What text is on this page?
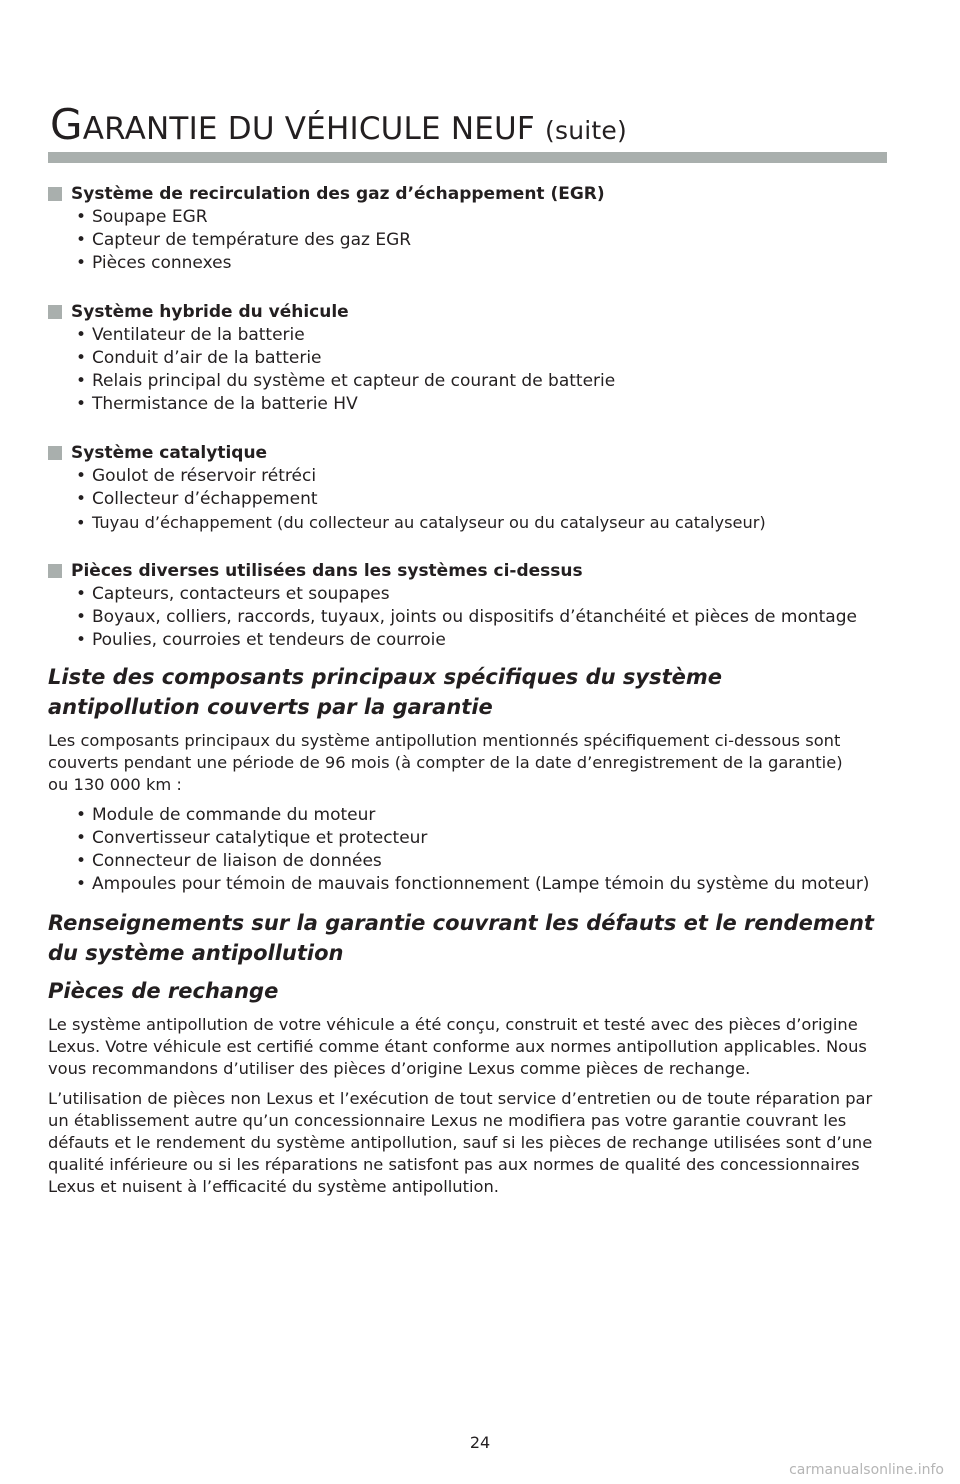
GARANTIE DU VÉHICULE NEUF (suite)
Système de recirculation des gaz d’échappement (EGR)
• Soupape EGR
• Capteur de température des gaz EGR
• Pièces connexes
Système hybride du véhicule
• Ventilateur de la batterie
• Conduit d’air de la batterie
• Relais principal du système et capteur de courant de batterie
• Thermistance de la batterie HV
Système catalytique
• Goulot de réservoir rétréci
• Collecteur d’échappement
• Tuyau d’échappement (du collecteur au catalyseur ou du catalyseur au catalyseur)
Pièces diverses utilisées dans les systèmes ci-dessus
• Capteurs, contacteurs et soupapes
• Boyaux, colliers, raccords, tuyaux, joints ou dispositifs d’étanchéité et pièces de montage
• Poulies, courroies et tendeurs de courroie
Liste des composants principaux spécifiques du système antipollution couverts par la garantie

Les composants principaux du système antipollution mentionnés spécifiquement ci-dessous sont couverts pendant une période de 96 mois (à compter de la date d’enregistrement de la garantie) ou 130 000 km :

• Module de commande du moteur
• Convertisseur catalytique et protecteur
• Connecteur de liaison de données
• Ampoules pour témoin de mauvais fonctionnement (Lampe témoin du système du moteur)
Renseignements sur la garantie couvrant les défauts et le rendement du système antipollution
Pièces de rechange

Le système antipollution de votre véhicule a été conçu, construit et testé avec des pièces d’origine Lexus. Votre véhicule est certifié comme étant conforme aux normes antipollution applicables. Nous vous recommandons d’utiliser des pièces d’origine Lexus comme pièces de rechange.

L’utilisation de pièces non Lexus et l’exécution de tout service d’entretien ou de toute réparation par un établissement autre qu’un concessionnaire Lexus ne modifiera pas votre garantie couvrant les défauts et le rendement du système antipollution, sauf si les pièces de rechange utilisées sont d’une qualité inférieure ou si les réparations ne satisfont pas aux normes de qualité des concessionnaires Lexus et nuisent à l’efficacité du système antipollution.

24
carmanualsonline.info
